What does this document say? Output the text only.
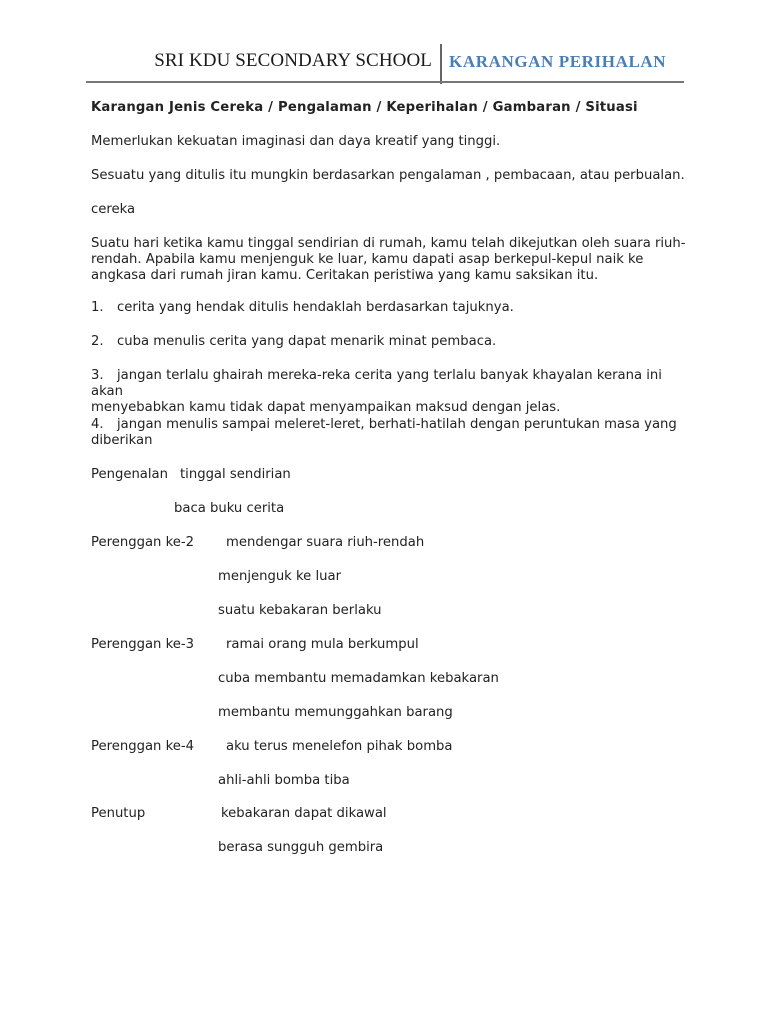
SRI KDU SECONDARY SCHOOL KARANGAN PERIHALAN
Karangan Jenis Cereka / Pengalaman / Keperihalan / Gambaran / Situasi
Memerlukan kekuatan imaginasi dan daya kreatif yang tinggi.
Sesuatu yang ditulis itu mungkin berdasarkan pengalaman , pembacaan, atau perbualan.
cereka
Suatu hari ketika kamu tinggal sendirian di rumah, kamu telah dikejutkan oleh suara riuh-
rendah. Apabila kamu menjenguk ke luar, kamu dapati asap berkepul-kepul naik ke
angkasa dari rumah jiran kamu. Ceritakan peristiwa yang kamu saksikan itu.
1. cerita yang hendak ditulis hendaklah berdasarkan tajuknya.
2. cuba menulis cerita yang dapat menarik minat pembaca.
3. jangan terlalu ghairah mereka-reka cerita yang terlalu banyak khayalan kerana ini akan
menyebabkan kamu tidak dapat menyampaikan maksud dengan jelas.
4. jangan menulis sampai meleret-leret, berhati-hatilah dengan peruntukan masa yang
diberikan
Pengenalan tinggal sendirian
baca buku cerita
Perenggan ke-2 mendengar suara riuh-rendah
menjenguk ke luar
suatu kebakaran berlaku
Perenggan ke-3 ramai orang mula berkumpul
cuba membantu memadamkan kebakaran
membantu memunggahkan barang
Perenggan ke-4 aku terus menelefon pihak bomba
ahli-ahli bomba tiba
Penutup	kebakaran dapat dikawal
berasa sungguh gembira
